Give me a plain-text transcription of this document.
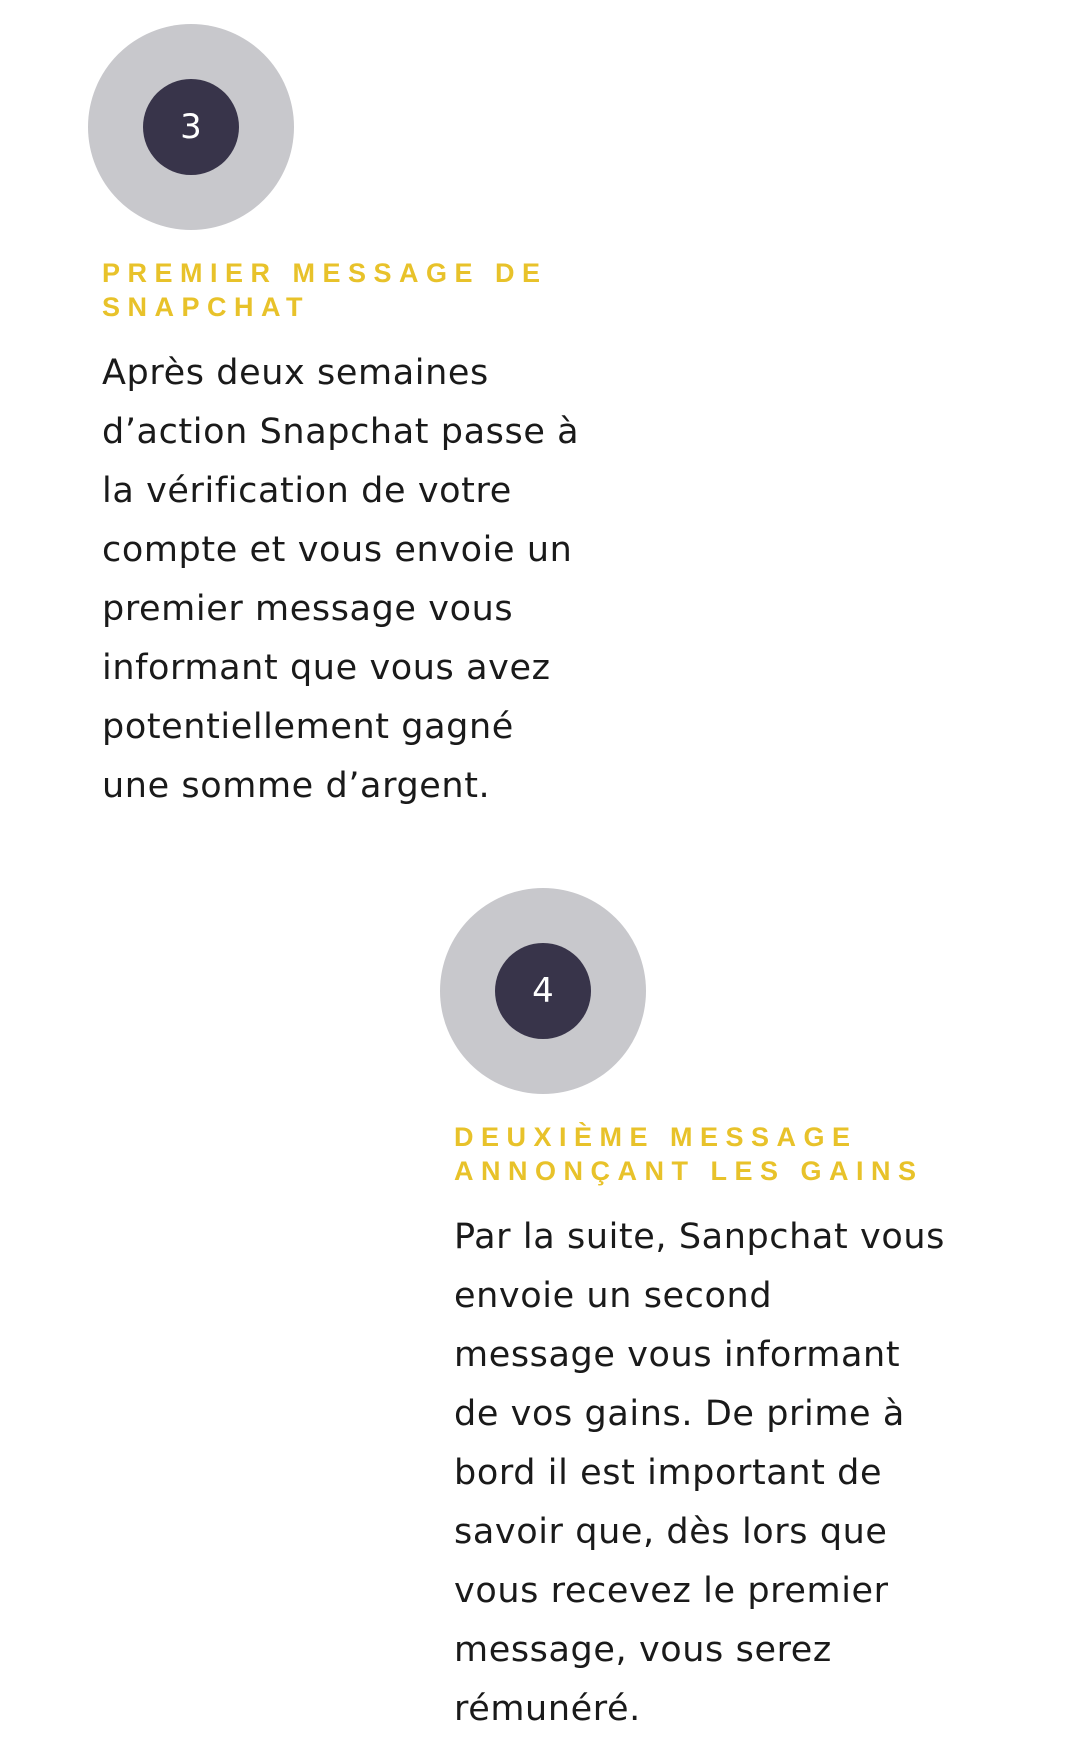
3
PREMIER MESSAGE DE
SNAPCHAT

Après deux semaines
d’action Snapchat passe à
la vérification de votre
compte et vous envoie un
premier message vous
informant que vous avez
potentiellement gagné
une somme d’argent.

4
DEUXIÈME MESSAGE
ANNONÇANT LES GAINS

Par la suite, Sanpchat vous
envoie un second
message vous informant
de vos gains. De prime à
bord il est important de
savoir que, dès lors que
vous recevez le premier
message, vous serez
rémunéré.
